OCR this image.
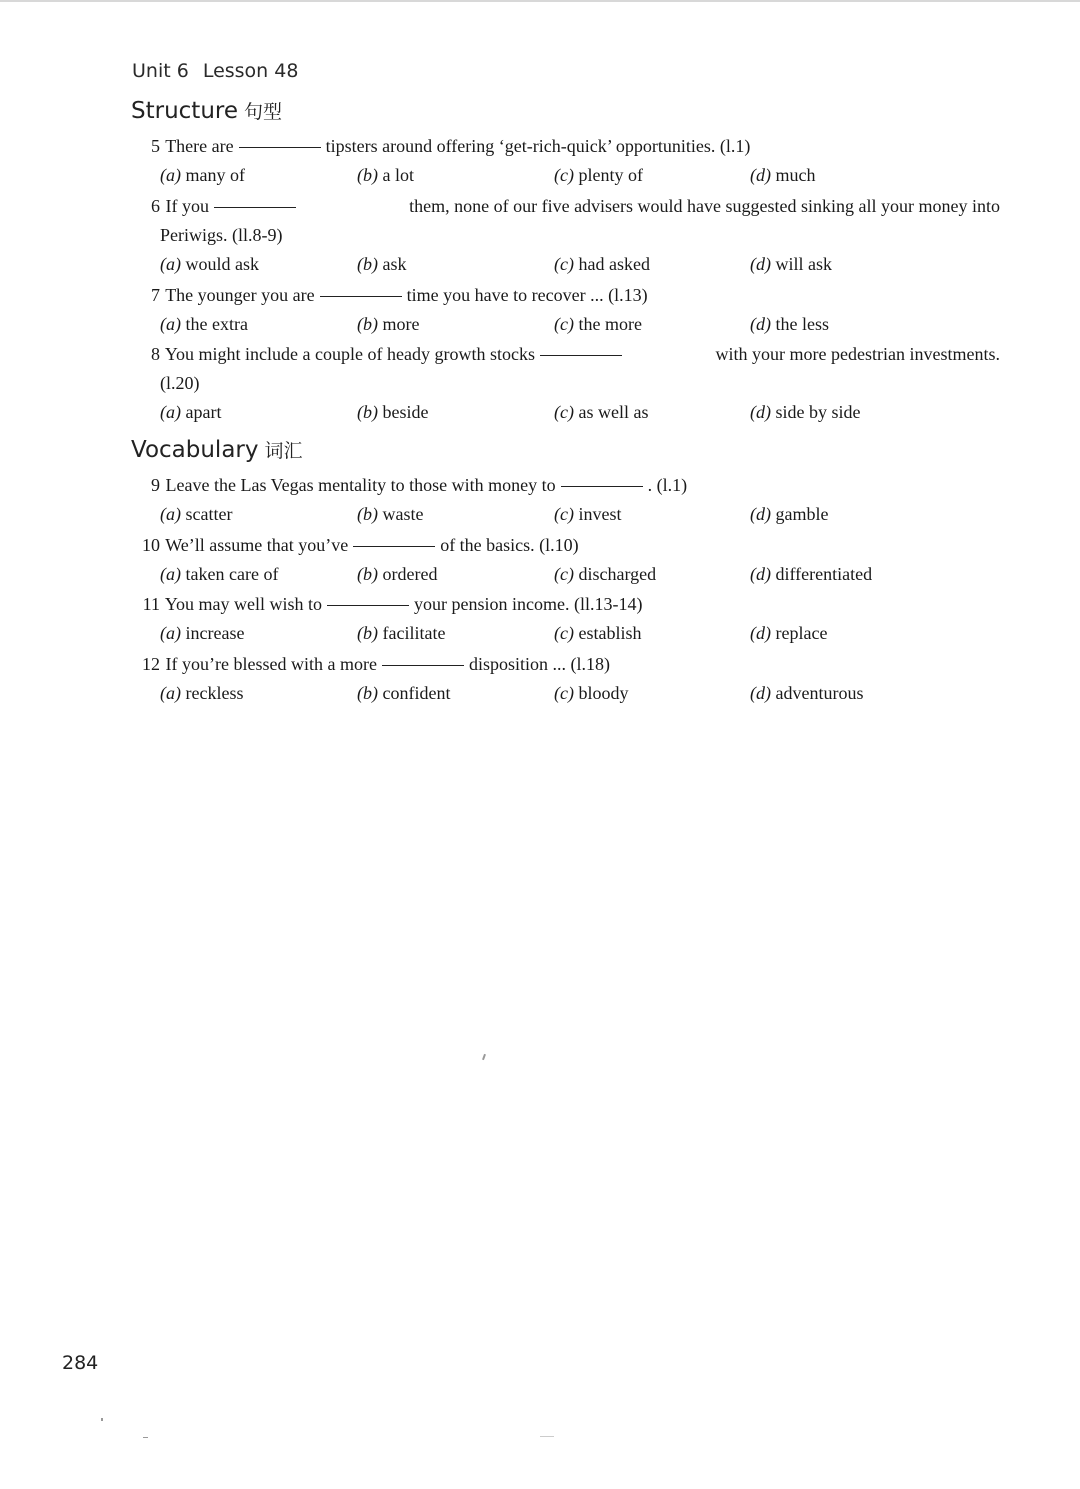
Unit 6 Lesson 48
Structure 句型
5 There are	tipsters around offering ‘get-rich-quick’ opportunities. (l.1)
(a) many of	(b) a lot	(c) plenty of	(d) much
6 If you	them, none of our five advisers would have suggested sinking all your money into
Periwigs. (ll.8-9)
(a) would ask	(b) ask	(c) had asked	(d) will ask
7 The younger you are	time you have to recover ... (l.13)
(a) the extra	(b) more	(c) the more	(d) the less
8 You might include a couple of heady growth stocks	with your more pedestrian investments.
(l.20)
(a) apart	(b) beside	(c) as well as	(d) side by side
Vocabulary 词汇
9 Leave the Las Vegas mentality to those with money to	. (l.1)
(a) scatter	(b) waste	(c) invest	(d) gamble
10 We’ll assume that you’ve	of the basics. (l.10)
(a) taken care of	(b) ordered	(c) discharged	(d) differentiated
11 You may well wish to	your pension income. (ll.13-14)
(a) increase	(b) facilitate	(c) establish	(d) replace
12 If you’re blessed with a more	disposition ... (l.18)
(a) reckless	(b) confident	(c) bloody	(d) adventurous
284
